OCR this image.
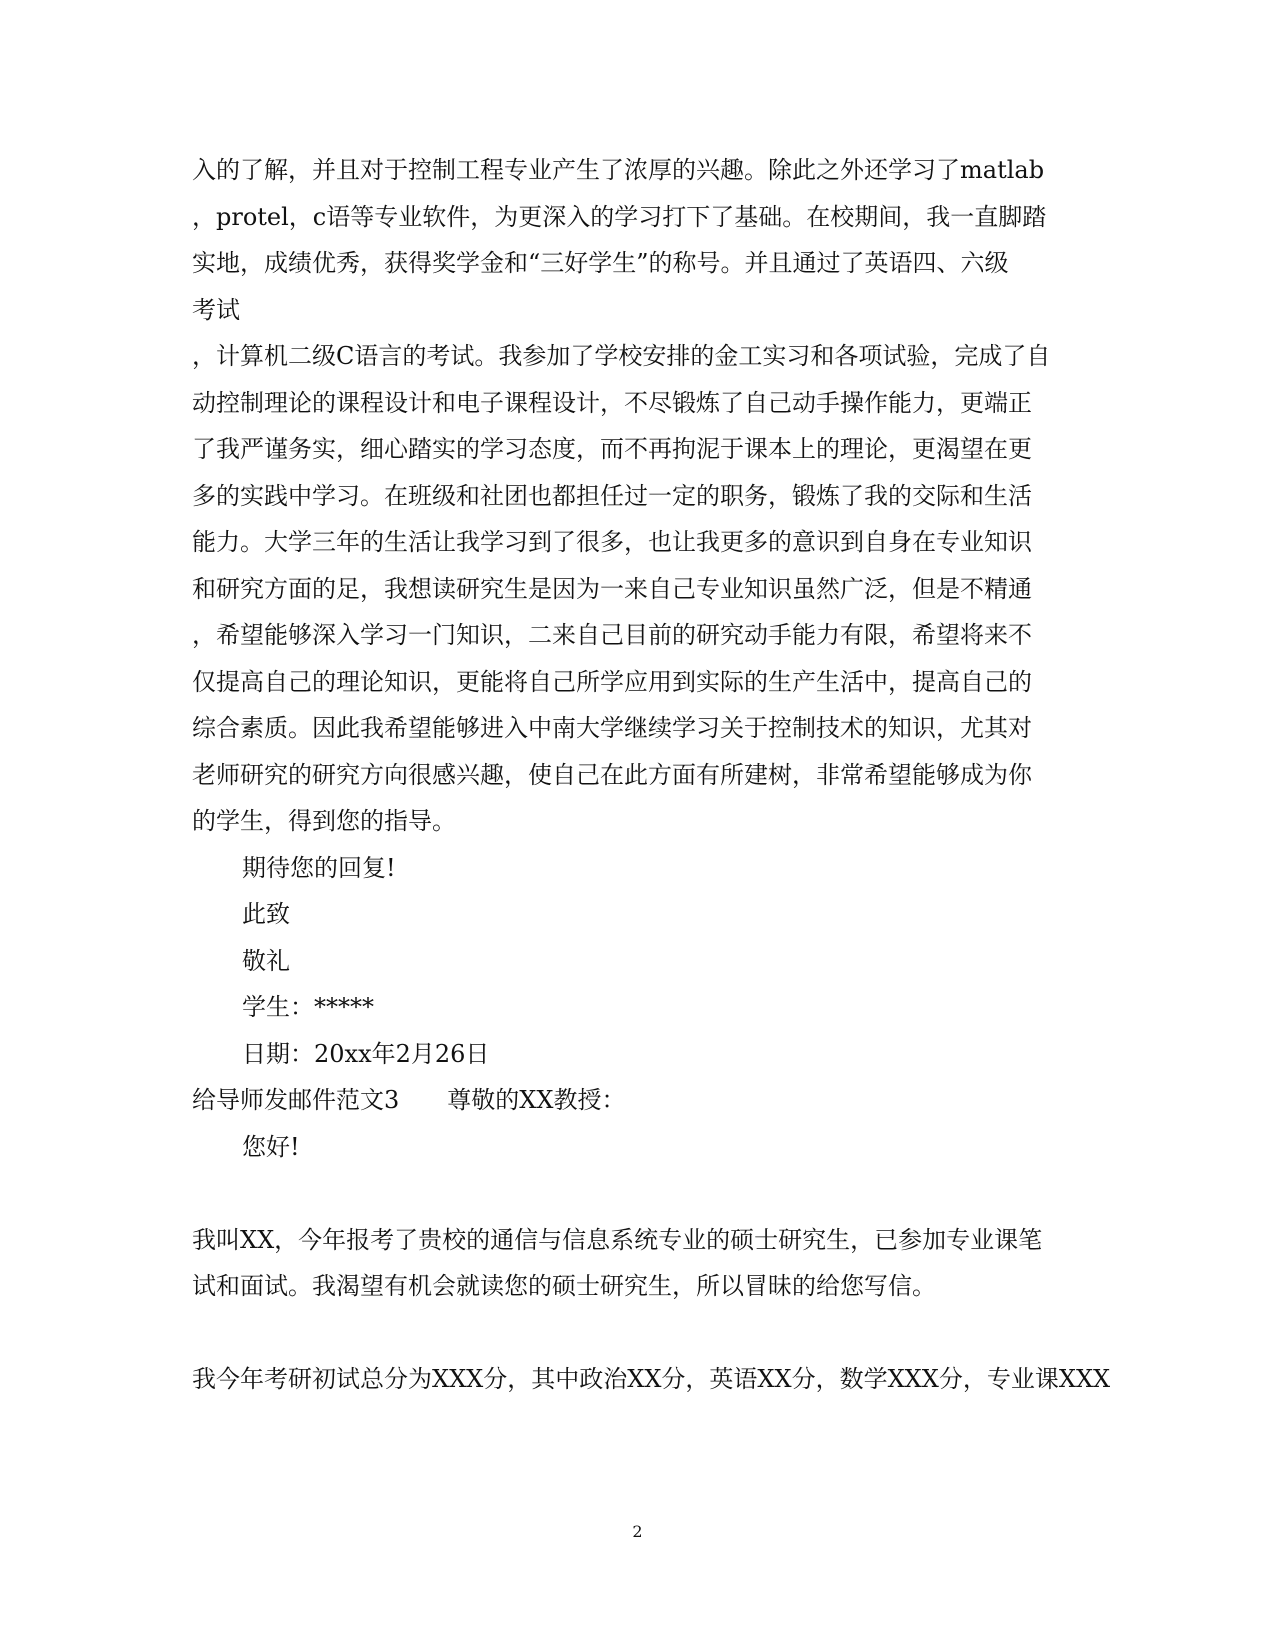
入的了解，并且对于控制工程专业产生了浓厚的兴趣。除此之外还学习了matlab
，protel，c语等专业软件，为更深入的学习打下了基础。在校期间，我一直脚踏
实地，成绩优秀，获得奖学金和“三好学生”的称号。并且通过了英语四、六级
考试
，计算机二级C语言的考试。我参加了学校安排的金工实习和各项试验，完成了自
动控制理论的课程设计和电子课程设计，不尽锻炼了自己动手操作能力，更端正
了我严谨务实，细心踏实的学习态度，而不再拘泥于课本上的理论，更渴望在更
多的实践中学习。在班级和社团也都担任过一定的职务，锻炼了我的交际和生活
能力。大学三年的生活让我学习到了很多，也让我更多的意识到自身在专业知识
和研究方面的足，我想读研究生是因为一来自己专业知识虽然广泛，但是不精通
，希望能够深入学习一门知识，二来自己目前的研究动手能力有限，希望将来不
仅提高自己的理论知识，更能将自己所学应用到实际的生产生活中，提高自己的
综合素质。因此我希望能够进入中南大学继续学习关于控制技术的知识，尤其对
老师研究的研究方向很感兴趣，使自己在此方面有所建树，非常希望能够成为你
的学生，得到您的指导。
期待您的回复!
此致
敬礼
学生：*****
日期：20xx年2月26日
给导师发邮件范文3 尊敬的XX教授：
您好!
我叫XX，今年报考了贵校的通信与信息系统专业的硕士研究生，已参加专业课笔
试和面试。我渴望有机会就读您的硕士研究生，所以冒昧的给您写信。
我今年考研初试总分为XXX分，其中政治XX分，英语XX分，数学XXX分，专业课XXX
2
